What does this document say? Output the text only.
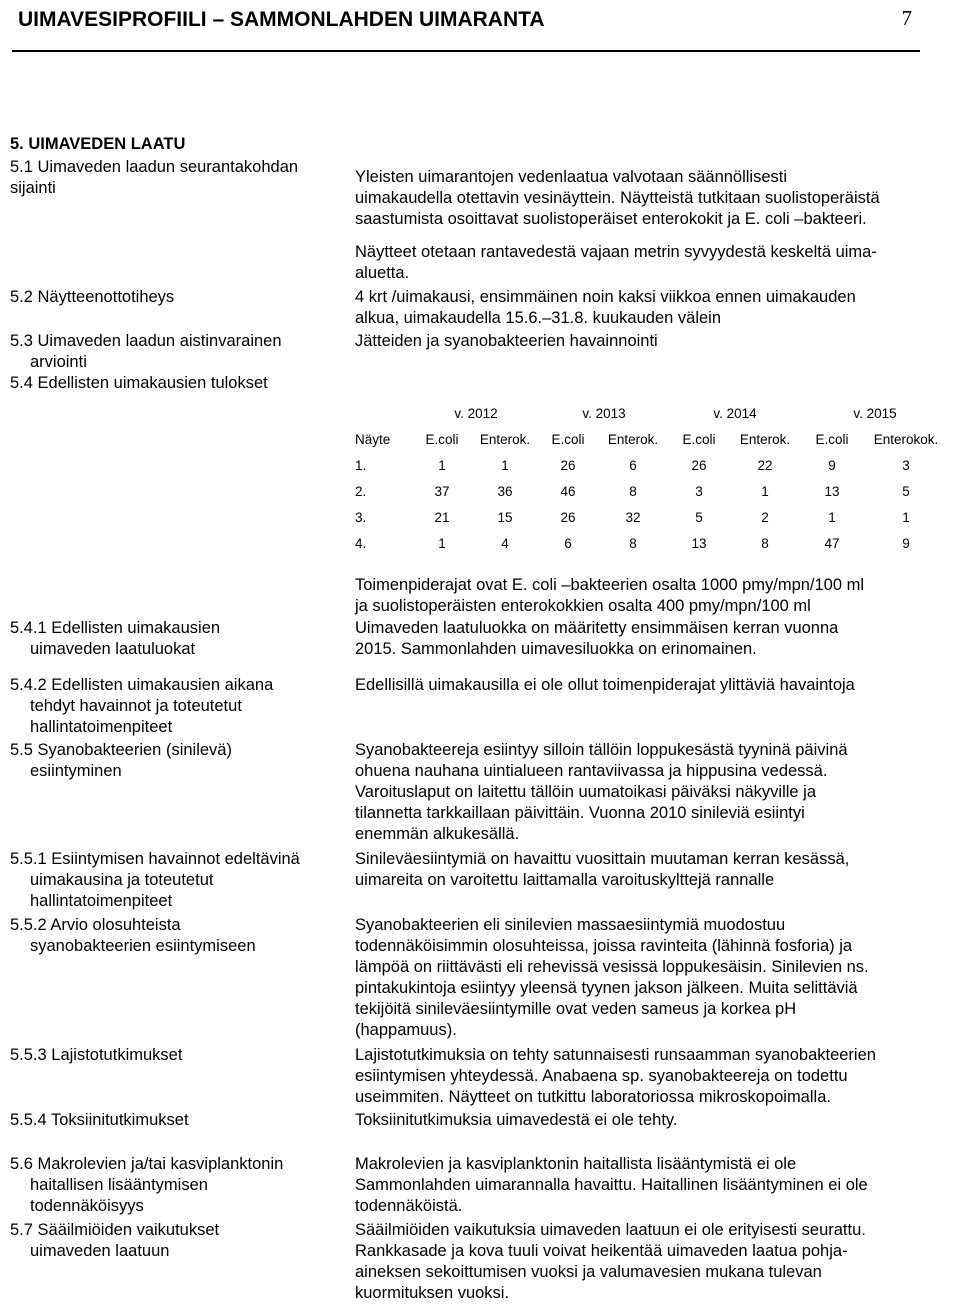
UIMAVESIPROFIILI – SAMMONLAHDEN UIMARANTA	7
5. UIMAVEDEN LAATU
5.1 Uimaveden laadun seurantakohdan
sijainti
Yleisten uimarantojen vedenlaatua valvotaan säännöllisesti
uimakaudella otettavin vesinäyttein. Näytteistä tutkitaan suolistoperäistä
saastumista osoittavat suolistoperäiset enterokokit ja E. coli –bakteeri.
Näytteet otetaan rantavedestä vajaan metrin syvyydestä keskeltä uima-
aluetta.
5.2 Näytteenottotiheys	4 krt /uimakausi, ensimmäinen noin kaksi viikkoa ennen uimakauden
alkua, uimakaudella 15.6.–31.8. kuukauden välein
5.3 Uimaveden laadun aistinvarainen
arviointi
Jätteiden ja syanobakteerien havainnointi
5.4 Edellisten uimakausien tulokset
	v. 2012		v. 2013		v. 2014		v. 2015	
Näyte	E.coli	Enterok.	E.coli	Enterok.	E.coli	Enterok.	E.coli	Enterokok.
1.	1	1	26	6	26	22	9	3
2.	37	36	46	8	3	1	13	5
3.	21	15	26	32	5	2	1	1
4.	1	4	6	8	13	8	47	9
Toimenpiderajat ovat E. coli –bakteerien osalta 1000 pmy/mpn/100 ml
ja suolistoperäisten enterokokkien osalta 400 pmy/mpn/100 ml
5.4.1 Edellisten uimakausien
uimaveden laatuluokat
Uimaveden laatuluokka on määritetty ensimmäisen kerran vuonna
2015. Sammonlahden uimavesiluokka on erinomainen.
5.4.2 Edellisten uimakausien aikana
tehdyt havainnot ja toteutetut
hallintatoimenpiteet
Edellisillä uimakausilla ei ole ollut toimenpiderajat ylittäviä havaintoja
5.5 Syanobakteerien (sinilevä)
esiintyminen
Syanobakteereja esiintyy silloin tällöin loppukesästä tyyninä päivinä
ohuena nauhana uintialueen rantaviivassa ja hippusina vedessä.
Varoituslaput on laitettu tällöin uumatoikasi päiväksi näkyville ja
tilannetta tarkkaillaan päivittäin. Vuonna 2010 sinileviä esiintyi
enemmän alkukesällä.
5.5.1 Esiintymisen havainnot edeltävinä
uimakausina ja toteutetut
hallintatoimenpiteet
Sinileväesiintymiä on havaittu vuosittain muutaman kerran kesässä,
uimareita on varoitettu laittamalla varoituskylttejä rannalle
5.5.2 Arvio olosuhteista
syanobakteerien esiintymiseen
Syanobakteerien eli sinilevien massaesiintymiä muodostuu
todennäköisimmin olosuhteissa, joissa ravinteita (lähinnä fosforia) ja
lämpöä on riittävästi eli rehevissä vesissä loppukesäisin. Sinilevien ns.
pintakukintoja esiintyy yleensä tyynen jakson jälkeen. Muita selittäviä
tekijöitä sinileväesiintymille ovat veden sameus ja korkea pH
(happamuus).
5.5.3 Lajistotutkimukset	Lajistotutkimuksia on tehty satunnaisesti runsaamman syanobakteerien
esiintymisen yhteydessä. Anabaena sp. syanobakteereja on todettu
useimmiten. Näytteet on tutkittu laboratoriossa mikroskopoimalla.
5.5.4 Toksiinitutkimukset	Toksiinitutkimuksia uimavedestä ei ole tehty.
5.6 Makrolevien ja/tai kasviplanktonin
haitallisen lisääntymisen
todennäköisyys
Makrolevien ja kasviplanktonin haitallista lisääntymistä ei ole
Sammonlahden uimarannalla havaittu. Haitallinen lisääntyminen ei ole
todennäköistä.
5.7 Sääilmiöiden vaikutukset
uimaveden laatuun
Sääilmiöiden vaikutuksia uimaveden laatuun ei ole erityisesti seurattu.
Rankkasade ja kova tuuli voivat heikentää uimaveden laatua pohja-
aineksen sekoittumisen vuoksi ja valumavesien mukana tulevan
kuormituksen vuoksi.
